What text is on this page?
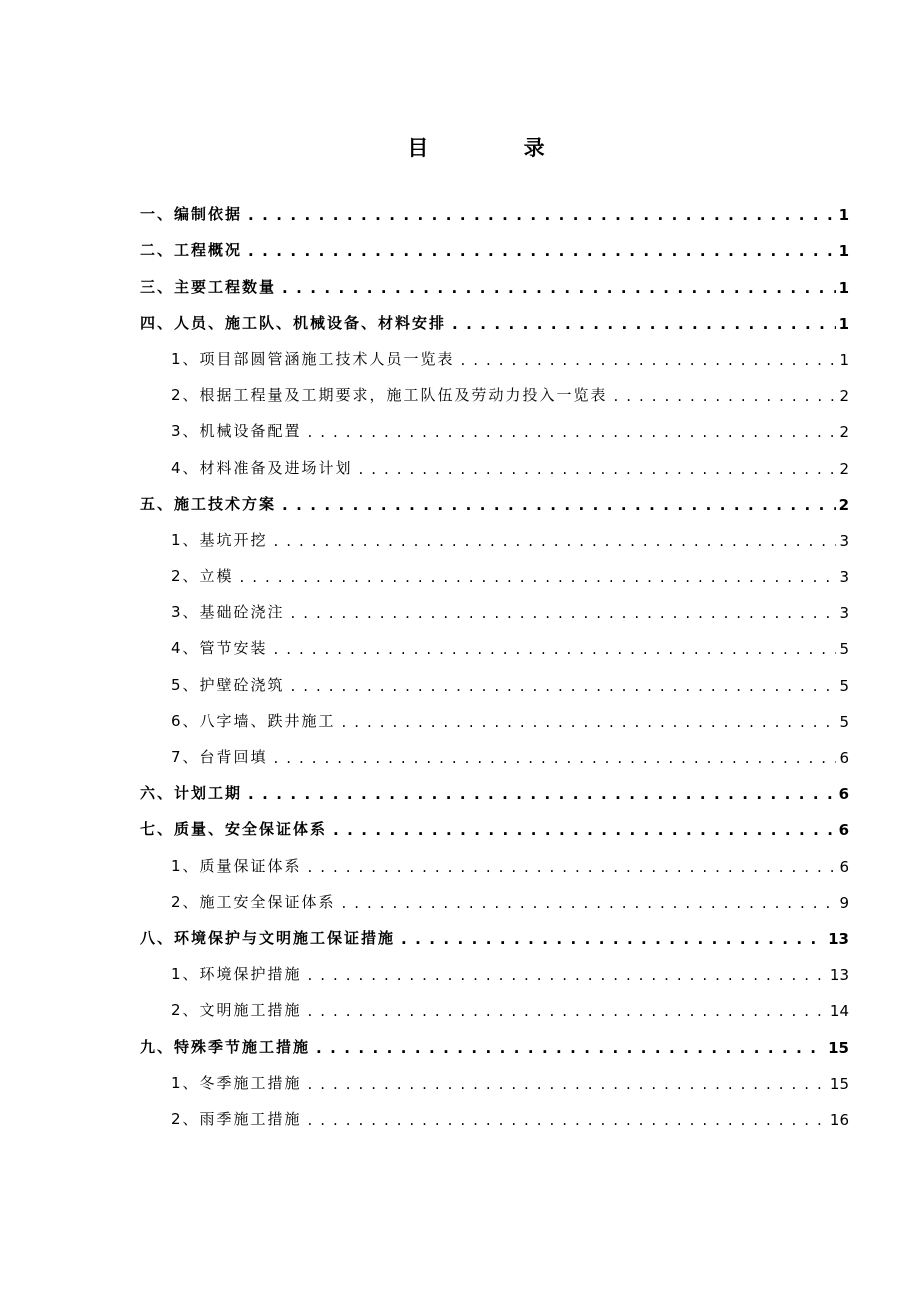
目 录
一、编制依据 . . .	1
二、工程概况 . . .	1
三、主要工程数量 . . .	1
四、人员、施工队、机械设备、材料安排 . . .	1
1、项目部圆管涵施工技术人员一览表 . . .	1
2、根据工程量及工期要求，施工队伍及劳动力投入一览表 . . .	2
3、机械设备配置 . . .	2
4、材料准备及进场计划 . . .	2
五、施工技术方案 . . .	2
1、基坑开挖 . . .	3
2、立模 . . .	3
3、基础砼浇注 . . .	3
4、管节安装 . . .	5
5、护壁砼浇筑 . . .	5
6、八字墙、跌井施工 . . .	5
7、台背回填 . . .	6
六、计划工期 . . .	6
七、质量、安全保证体系 . . .	6
1、质量保证体系 . . .	6
2、施工安全保证体系 . . .	9
八、环境保护与文明施工保证措施 . . .	13
1、环境保护措施 . . .	13
2、文明施工措施 . . .	14
九、特殊季节施工措施 . . .	15
1、冬季施工措施 . . .	15
2、雨季施工措施 . . .	16
